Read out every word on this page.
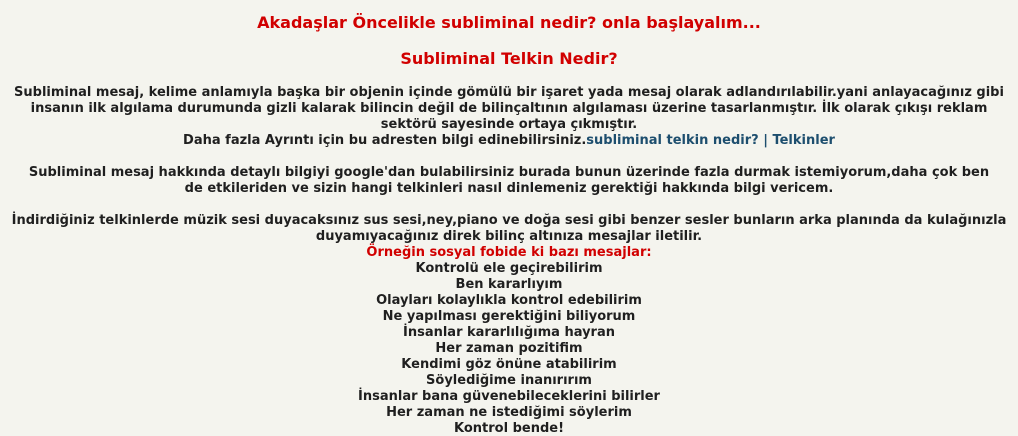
Akadaşlar Öncelikle subliminal nedir? onla başlayalım...
Subliminal Telkin Nedir?

Subliminal mesaj, kelime anlamıyla başka bir objenin içinde gömülü bir işaret yada mesaj olarak adlandırılabilir.yani anlayacağınız gibi insanın ilk algılama durumunda gizli kalarak bilincin değil de bilinçaltının algılaması üzerine tasarlanmıştır. İlk olarak çıkışı reklam sektörü sayesinde ortaya çıkmıştır.
Daha fazla Ayrıntı için bu adresten bilgi edinebilirsiniz.subliminal telkin nedir? | Telkinler

Subliminal mesaj hakkında detaylı bilgiyi google'dan bulabilirsiniz burada bunun üzerinde fazla durmak istemiyorum,daha çok ben de etkileriden ve sizin hangi telkinleri nasıl dinlemeniz gerektiği hakkında bilgi vericem.

İndirdiğiniz telkinlerde müzik sesi duyacaksınız sus sesi,ney,piano ve doğa sesi gibi benzer sesler bunların arka planında da kulağınızla duyamıyacağınız direk bilinç altınıza mesajlar iletilir.

Örneğin sosyal fobide ki bazı mesajlar:
Kontrolü ele geçirebilirim
Ben kararlıyım
Olayları kolaylıkla kontrol edebilirim
Ne yapılması gerektiğini biliyorum
İnsanlar kararlılığıma hayran
Her zaman pozitifim
Kendimi göz önüne atabilirim
Söylediğime inanırırım
İnsanlar bana güvenebileceklerini bilirler
Her zaman ne istediğimi söylerim
Kontrol bende!
